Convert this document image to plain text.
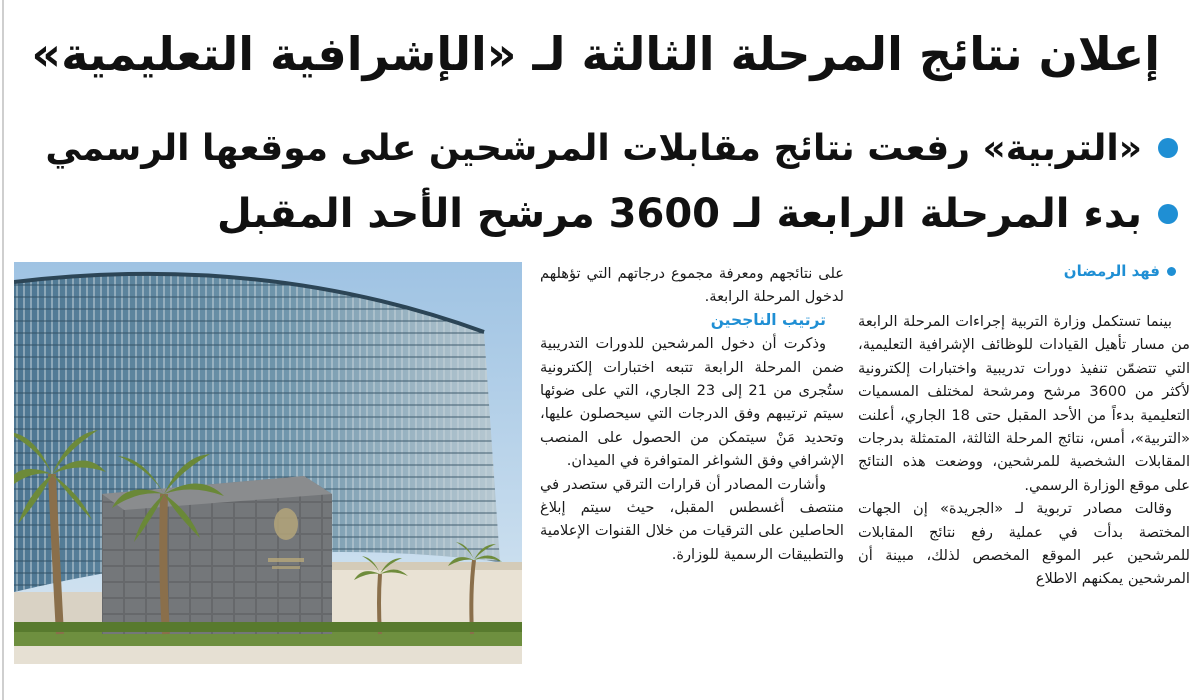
إعلان نتائج المرحلة الثالثة لـ «الإشرافية التعليمية»
«التربية» رفعت نتائج مقابلات المرشحين على موقعها الرسمي
بدء المرحلة الرابعة لـ 3600 مرشح الأحد المقبل
فهد الرمضان

بينما تستكمل وزارة التربية إجراءات المرحلة الرابعة من مسار تأهيل القيادات للوظائف الإشرافية التعليمية، التي تتضمّن تنفيذ دورات تدريبية واختبارات إلكترونية لأكثر من 3600 مرشح ومرشحة لمختلف المسميات التعليمية بدءاً من الأحد المقبل حتى 18 الجاري، أعلنت «التربية»، أمس، نتائج المرحلة الثالثة، المتمثلة بدرجات المقابلات الشخصية للمرشحين، ووضعت هذه النتائج على موقع الوزارة الرسمي.

وقالت مصادر تربوية لـ «الجريدة» إن الجهات المختصة بدأت في عملية رفع نتائج المقابلات للمرشحين عبر الموقع المخصص لذلك، مبينة أن المرشحين يمكنهم الاطلاع

على نتائجهم ومعرفة مجموع درجاتهم التي تؤهلهم لدخول المرحلة الرابعة.

ترتيب الناجحين

وذكرت أن دخول المرشحين للدورات التدريبية ضمن المرحلة الرابعة تتبعه اختبارات إلكترونية ستُجرى من 21 إلى 23 الجاري، التي على ضوئها سيتم ترتيبهم وفق الدرجات التي سيحصلون عليها، وتحديد مَنْ سيتمكن من الحصول على المنصب الإشرافي وفق الشواغر المتوافرة في الميدان.

وأشارت المصادر أن قرارات الترقي ستصدر في منتصف أغسطس المقبل، حيث سيتم إبلاغ الحاصلين على الترقيات من خلال القنوات الإعلامية والتطبيقات الرسمية للوزارة.
